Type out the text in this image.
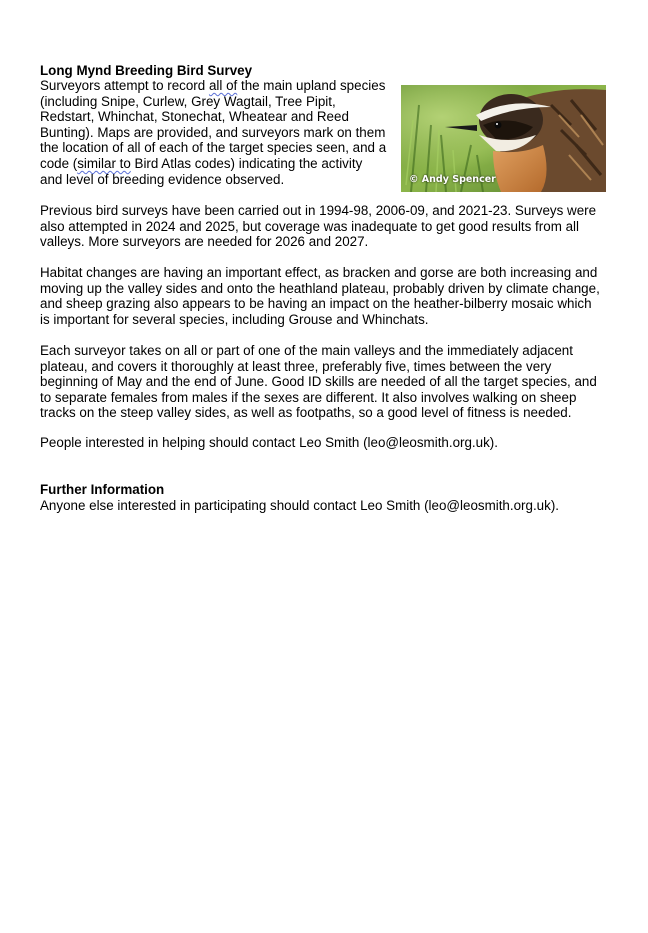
Long Mynd Breeding Bird Survey
Surveyors attempt to record all of the main upland species
(including Snipe, Curlew, Grey Wagtail, Tree Pipit,
Redstart, Whinchat, Stonechat, Wheatear and Reed
Bunting). Maps are provided, and surveyors mark on them
the location of all of each of the target species seen, and a
code (similar to Bird Atlas codes) indicating the activity
and level of breeding evidence observed.	© Andy Spencer
Previous bird surveys have been carried out in 1994-98, 2006-09, and 2021-23. Surveys were
also attempted in 2024 and 2025, but coverage was inadequate to get good results from all
valleys. More surveyors are needed for 2026 and 2027.
Habitat changes are having an important effect, as bracken and gorse are both increasing and
moving up the valley sides and onto the heathland plateau, probably driven by climate change,
and sheep grazing also appears to be having an impact on the heather-bilberry mosaic which
is important for several species, including Grouse and Whinchats.
Each surveyor takes on all or part of one of the main valleys and the immediately adjacent
plateau, and covers it thoroughly at least three, preferably five, times between the very
beginning of May and the end of June. Good ID skills are needed of all the target species, and
to separate females from males if the sexes are different. It also involves walking on sheep
tracks on the steep valley sides, as well as footpaths, so a good level of fitness is needed.
People interested in helping should contact Leo Smith (leo@leosmith.org.uk).
Further Information
Anyone else interested in participating should contact Leo Smith (leo@leosmith.org.uk).
